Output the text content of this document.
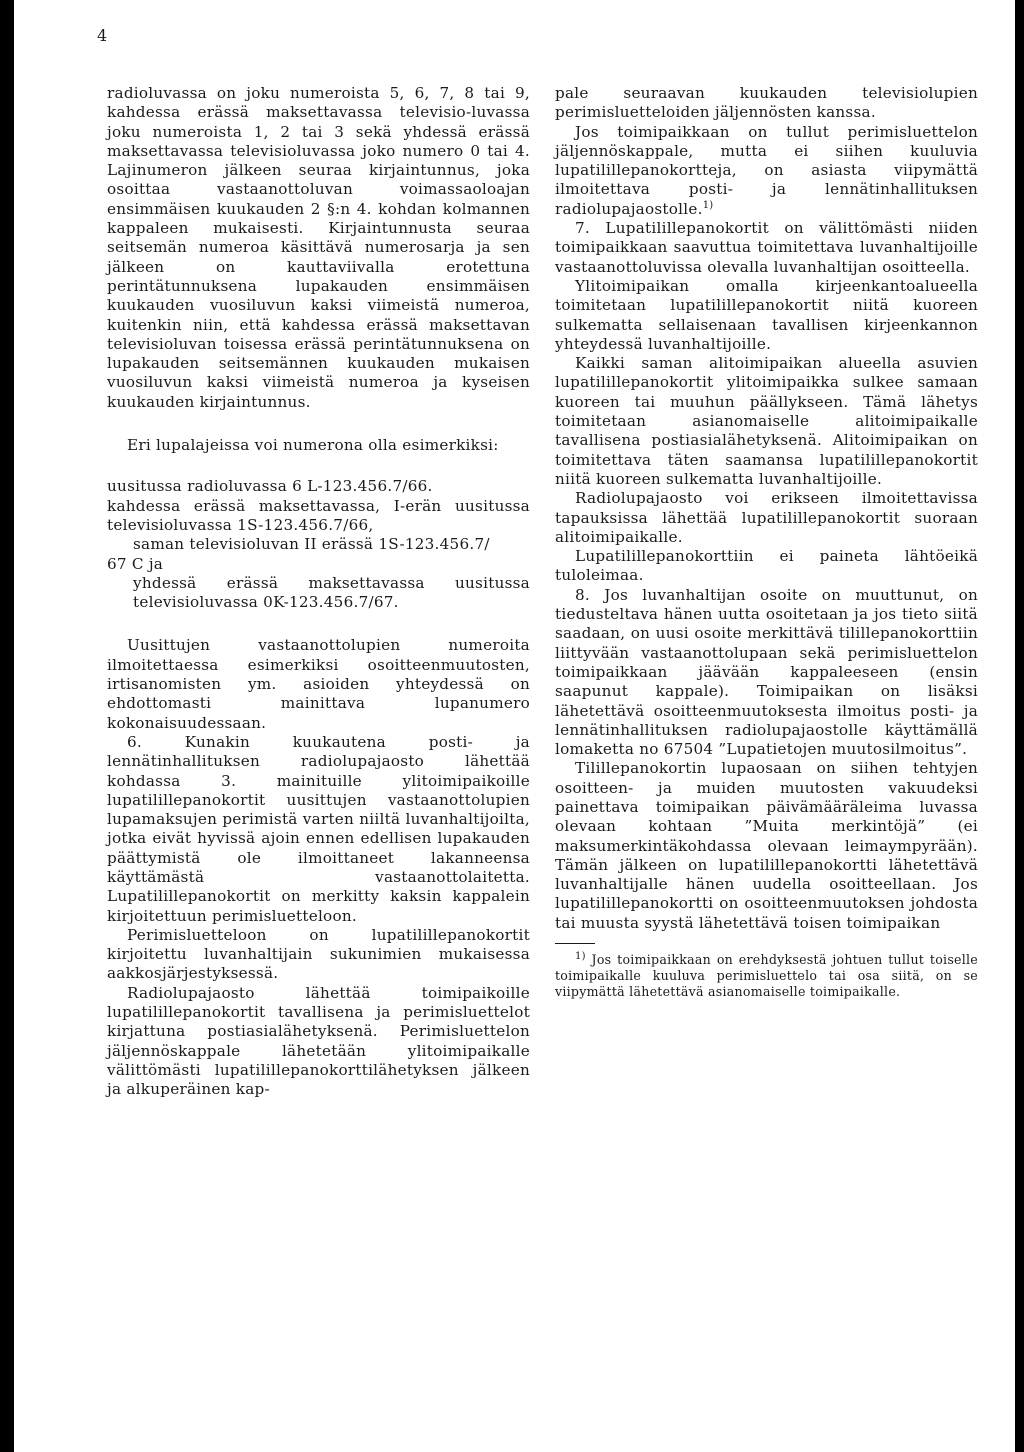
4

radioluvassa on joku numeroista 5, 6, 7, 8 tai 9, kahdessa erässä maksettavassa televisio-luvassa joku numeroista 1, 2 tai 3 sekä yhdessä erässä maksettavassa televisioluvassa joko numero 0 tai 4. Lajinumeron jälkeen seuraa kirjaintunnus, joka osoittaa vastaanottoluvan voimassaoloajan ensimmäisen kuukauden 2 §:n 4. kohdan kolmannen kappaleen mukaisesti. Kirjaintunnusta seuraa seitsemän numeroa käsittävä numerosarja ja sen jälkeen on kauttaviivalla erotettuna perintätunnuksena lupakauden ensimmäisen kuukauden vuosiluvun kaksi viimeistä numeroa, kuitenkin niin, että kahdessa erässä maksettavan televisioluvan toisessa erässä perintätunnuksena on lupakauden seitsemännen kuukauden mukaisen vuosiluvun kaksi viimeistä numeroa ja kyseisen kuukauden kirjaintunnus.

Eri lupalajeissa voi numerona olla esimerkiksi:

uusitussa radioluvassa 6 L-123.456.7/66.

kahdessa erässä maksettavassa, I-erän uusitussa televisioluvassa 1S-123.456.7/66,

saman televisioluvan II erässä 1S-123.456.7/

67 C ja

yhdessä erässä maksettavassa uusitussa televisioluvassa 0K-123.456.7/67.

Uusittujen vastaanottolupien numeroita ilmoitettaessa esimerkiksi osoitteenmuutosten, irtisanomisten ym. asioiden yhteydessä on ehdottomasti mainittava lupanumero kokonaisuudessaan.

6. Kunakin kuukautena posti- ja lennätinhallituksen radiolupajaosto lähettää kohdassa 3. mainituille ylitoimipaikoille lupatilillepanokortit uusittujen vastaanottolupien lupamaksujen perimistä varten niiltä luvanhaltijoilta, jotka eivät hyvissä ajoin ennen edellisen lupakauden päättymistä ole ilmoittaneet lakanneensa käyttämästä vastaanottolaitetta. Lupatilillepanokortit on merkitty kaksin kappalein kirjoitettuun perimisluetteloon.

Perimisluetteloon on lupatilillepanokortit kirjoitettu luvanhaltijain sukunimien mukaisessa aakkosjärjestyksessä.

Radiolupajaosto lähettää toimipaikoille lupatilillepanokortit tavallisena ja perimisluettelot kirjattuna postiasialähetyksenä. Perimisluettelon jäljennöskappale lähetetään ylitoimipaikalle välittömästi lupatilillepanokorttilähetyksen jälkeen ja alkuperäinen kap-

pale seuraavan kuukauden televisiolupien perimisluetteloiden jäljennösten kanssa.

Jos toimipaikkaan on tullut perimisluettelon jäljennöskappale, mutta ei siihen kuuluvia lupatilillepanokortteja, on asiasta viipymättä ilmoitettava posti- ja lennätinhallituksen radiolupajaostolle.$^{1)}$

7. Lupatilillepanokortit on välittömästi niiden toimipaikkaan saavuttua toimitettava luvanhaltijoille vastaanottoluvissa olevalla luvanhaltijan osoitteella.

Ylitoimipaikan omalla kirjeenkantoalueella toimitetaan lupatilillepanokortit niitä kuoreen sulkematta sellaisenaan tavallisen kirjeenkannon yhteydessä luvanhaltijoille.

Kaikki saman alitoimipaikan alueella asuvien lupatilillepanokortit ylitoimipaikka sulkee samaan kuoreen tai muuhun päällykseen. Tämä lähetys toimitetaan asianomaiselle alitoimipaikalle tavallisena postiasialähetyksenä. Alitoimipaikan on toimitettava täten saamansa lupatilillepanokortit niitä kuoreen sulkematta luvanhaltijoille.

Radiolupajaosto voi erikseen ilmoitettavissa tapauksissa lähettää lupatilillepanokortit suoraan alitoimipaikalle.

Lupatilillepanokorttiin ei paineta lähtöeikä tuloleimaa.

8. Jos luvanhaltijan osoite on muuttunut, on tiedusteltava hänen uutta osoitetaan ja jos tieto siitä saadaan, on uusi osoite merkittävä tilillepanokorttiin liittyvään vastaanottolupaan sekä perimisluettelon toimipaikkaan jäävään kappaleeseen (ensin saapunut kappale). Toimipaikan on lisäksi lähetettävä osoitteenmuutoksesta ilmoitus posti- ja lennätinhallituksen radiolupajaostolle käyttämällä lomaketta no 67504 ”Lupatietojen muutosilmoitus”.

Tilillepanokortin lupaosaan on siihen tehtyjen osoitteen- ja muiden muutosten vakuudeksi painettava toimipaikan päivämääräleima luvassa olevaan kohtaan ”Muita merkintöjä” (ei maksumerkintäkohdassa olevaan leimaympyrään). Tämän jälkeen on lupatilillepanokortti lähetettävä luvanhaltijalle hänen uudella osoitteellaan. Jos lupatilillepanokortti on osoitteenmuutoksen johdosta tai muusta syystä lähetettävä toisen toimipaikan

$^{1)}$ Jos toimipaikkaan on erehdyksestä johtuen tullut toiselle toimipaikalle kuuluva perimisluettelo tai osa siitä, on se viipymättä lähetettävä asianomaiselle toimipaikalle.
